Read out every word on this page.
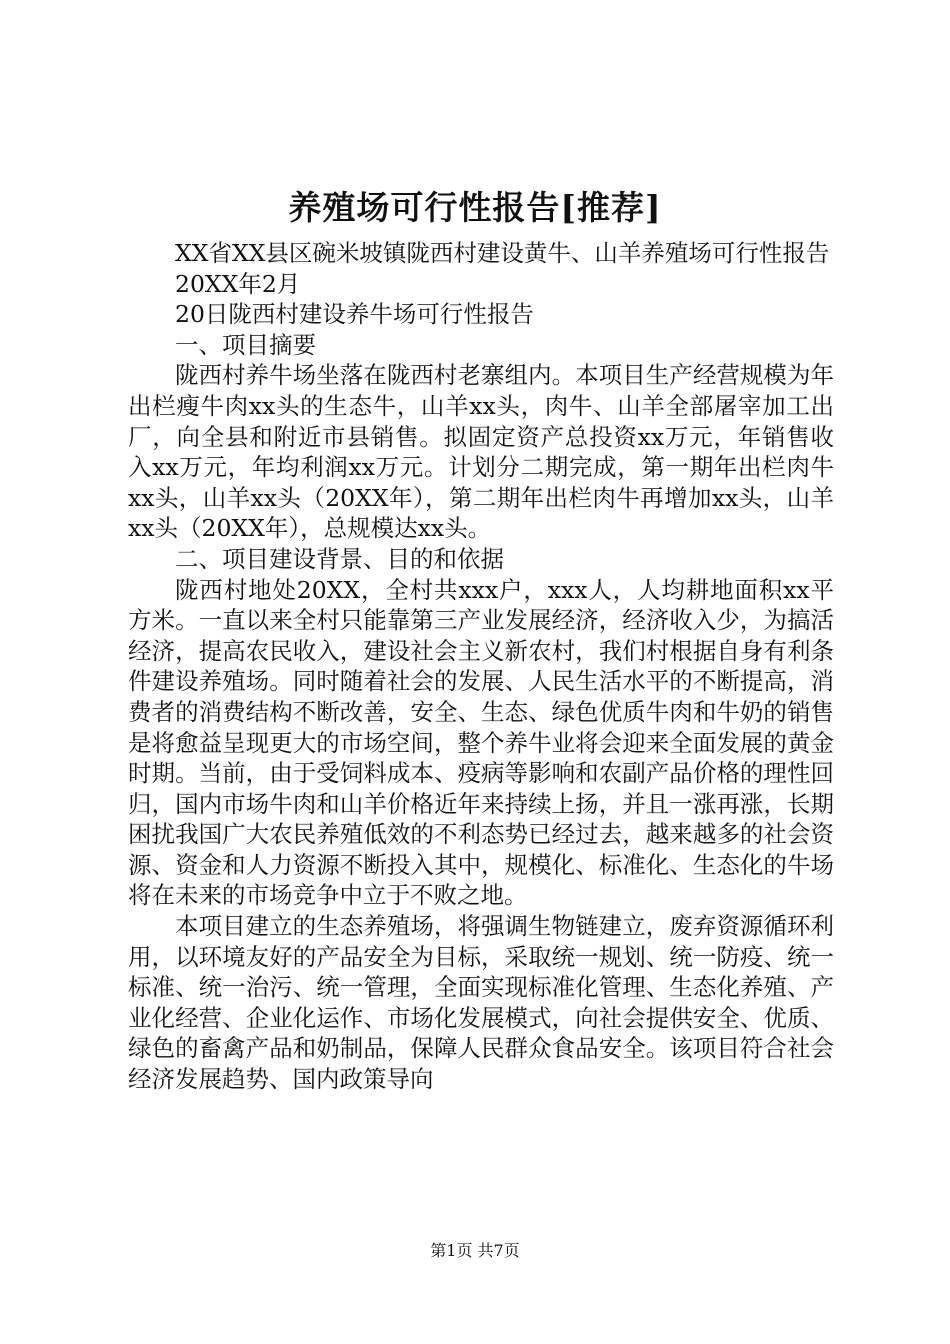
养殖场可行性报告[推荐]

XX省XX县区碗米坡镇陇西村建设黄牛、山羊养殖场可行性报告

20XX年2月

20日陇西村建设养牛场可行性报告

一、项目摘要

陇西村养牛场坐落在陇西村老寨组内。本项目生产经营规模为年出栏瘦牛肉xx头的生态牛，山羊xx头，肉牛、山羊全部屠宰加工出厂，向全县和附近市县销售。拟固定资产总投资xx万元，年销售收入xx万元，年均利润xx万元。计划分二期完成，第一期年出栏肉牛xx头，山羊xx头（20XX年），第二期年出栏肉牛再增加xx头，山羊xx头（20XX年），总规模达xx头。

二、项目建设背景、目的和依据

陇西村地处20XX，全村共xxx户，xxx人，人均耕地面积xx平方米。一直以来全村只能靠第三产业发展经济，经济收入少，为搞活经济，提高农民收入，建设社会主义新农村，我们村根据自身有利条件建设养殖场。同时随着社会的发展、人民生活水平的不断提高，消费者的消费结构不断改善，安全、生态、绿色优质牛肉和牛奶的销售是将愈益呈现更大的市场空间，整个养牛业将会迎来全面发展的黄金时期。当前，由于受饲料成本、疫病等影响和农副产品价格的理性回归，国内市场牛肉和山羊价格近年来持续上扬，并且一涨再涨，长期困扰我国广大农民养殖低效的不利态势已经过去，越来越多的社会资源、资金和人力资源不断投入其中，规模化、标准化、生态化的牛场将在未来的市场竞争中立于不败之地。

本项目建立的生态养殖场，将强调生物链建立，废弃资源循环利用，以环境友好的产品安全为目标，采取统一规划、统一防疫、统一标准、统一治污、统一管理，全面实现标准化管理、生态化养殖、产业化经营、企业化运作、市场化发展模式，向社会提供安全、优质、绿色的畜禽产品和奶制品，保障人民群众食品安全。该项目符合社会经济发展趋势、国内政策导向

第1页 共7页
